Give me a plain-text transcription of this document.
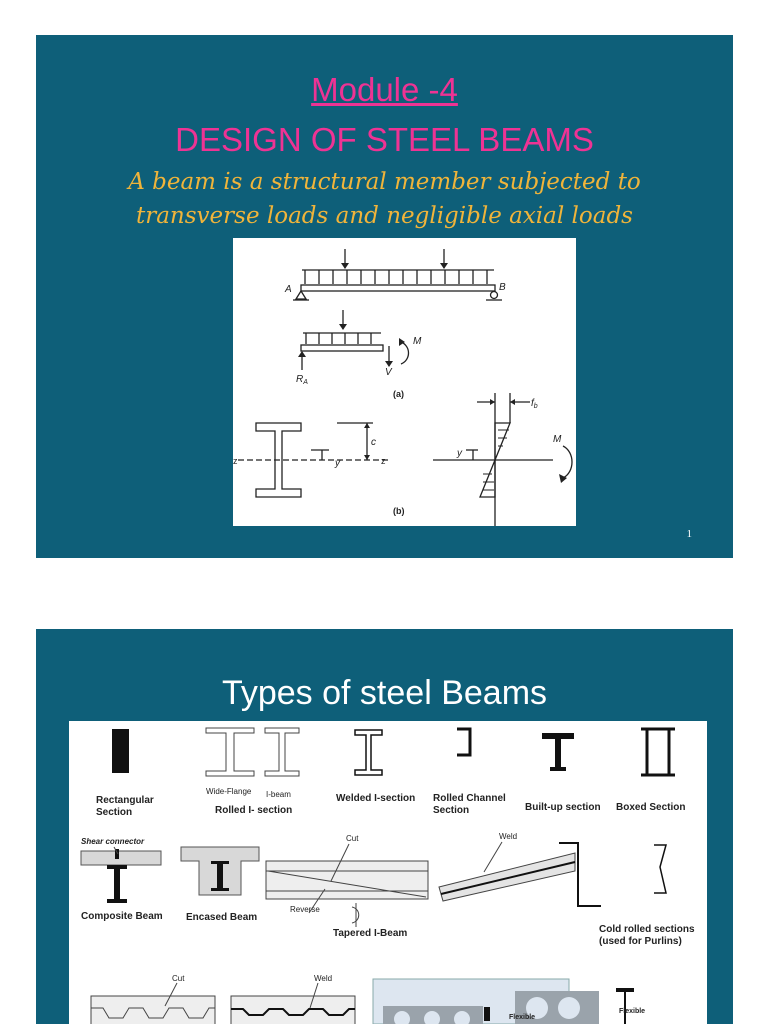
Module -4
DESIGN OF STEEL BEAMS
A beam is a structural member subjected to
transverse loads and negligible axial loads
A	B
M
$R_A$
V
y
c
$f_b$
y
M
z	z
(a)
(b)
1
Types of steel Beams
Rectangular
Section	Rolled I- section
Welded I-section Rolled Channel
Section	Built-up section Boxed Section
Wide-Flange I-beam
Shear connector
Composite Beam Encased Beam
Cut
Reverse
Tapered I-Beam
Weld
Cold rolled sections
(used for Purlins)
Cut	Weld
Flexible
Flexible
